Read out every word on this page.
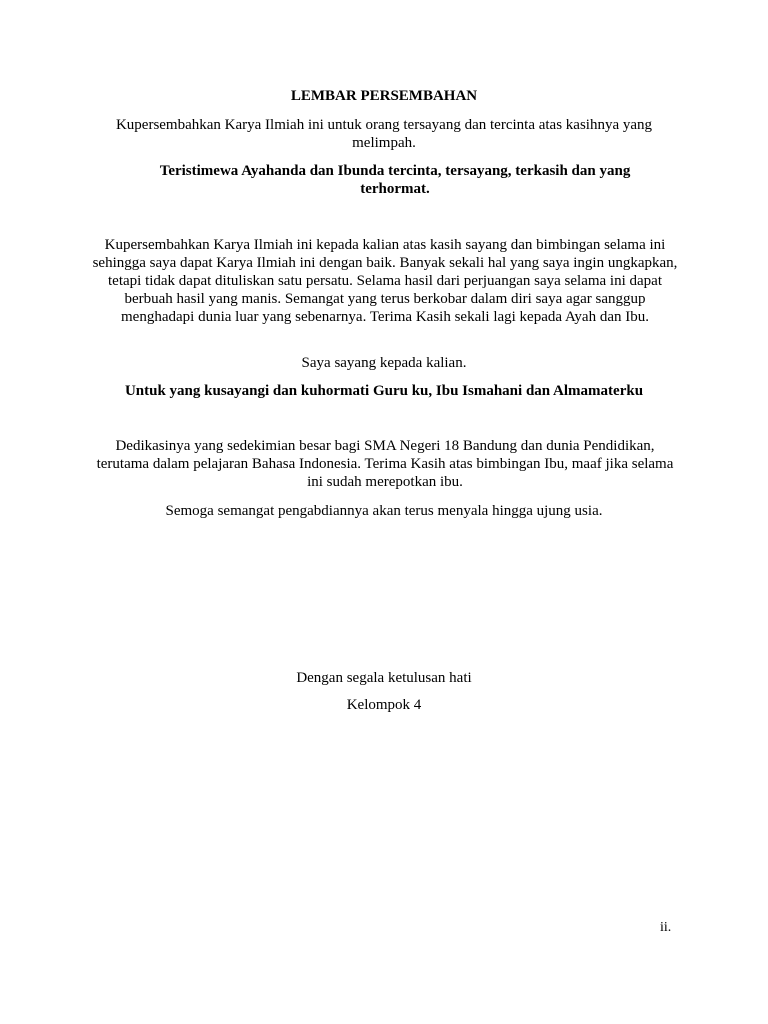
LEMBAR PERSEMBAHAN

Kupersembahkan Karya Ilmiah ini untuk orang tersayang dan tercinta atas kasihnya yang melimpah.

Teristimewa Ayahanda dan Ibunda tercinta, tersayang, terkasih dan yang terhormat.

Kupersembahkan Karya Ilmiah ini kepada kalian atas kasih sayang dan bimbingan selama ini sehingga saya dapat Karya Ilmiah ini dengan baik. Banyak sekali hal yang saya ingin ungkapkan, tetapi tidak dapat dituliskan satu persatu. Selama hasil dari perjuangan saya selama ini dapat berbuah hasil yang manis. Semangat yang terus berkobar dalam diri saya agar sanggup menghadapi dunia luar yang sebenarnya. Terima Kasih sekali lagi kepada Ayah dan Ibu.

Saya sayang kepada kalian.

Untuk yang kusayangi dan kuhormati Guru ku, Ibu Ismahani dan Almamaterku

Dedikasinya yang sedekimian besar bagi SMA Negeri 18 Bandung dan dunia Pendidikan, terutama dalam pelajaran Bahasa Indonesia. Terima Kasih atas bimbingan Ibu, maaf jika selama ini sudah merepotkan ibu.

Semoga semangat pengabdiannya akan terus menyala hingga ujung usia.

Dengan segala ketulusan hati

Kelompok 4

ii.
